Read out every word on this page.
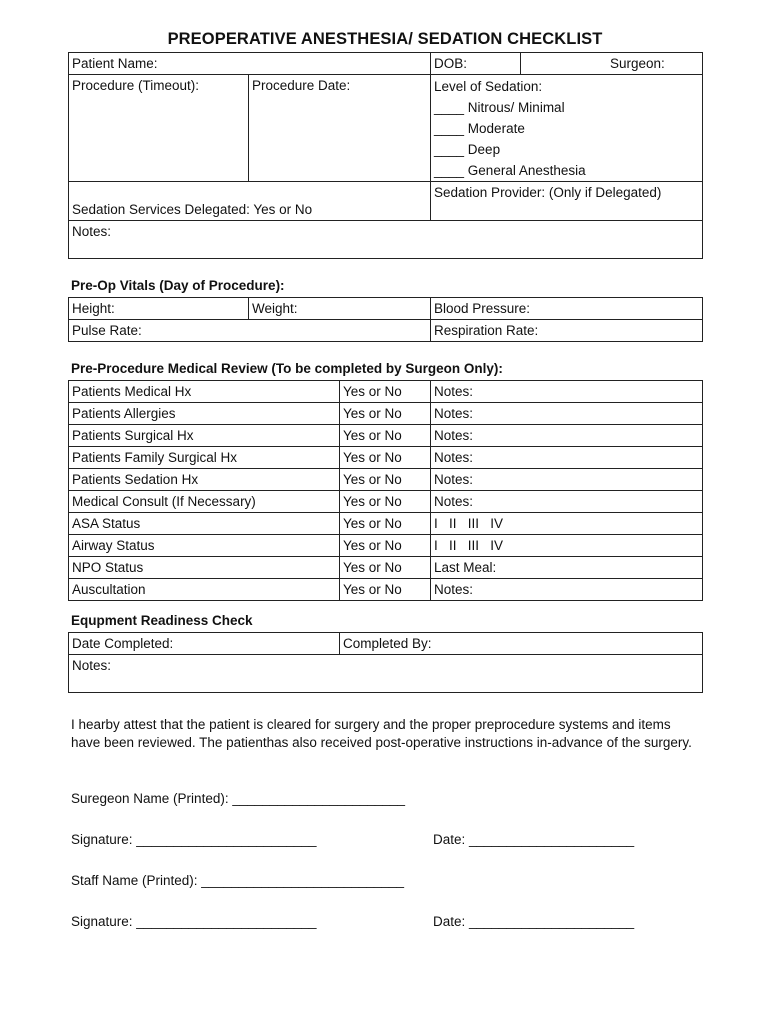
PREOPERATIVE ANESTHESIA/ SEDATION CHECKLIST
Patient Name:		DOB:	Surgeon:
Procedure (Timeout):	Procedure Date:	Level of Sedation:
____ Nitrous/ Minimal
____ Moderate
____ Deep
____ General Anesthesia	

Sedation Services Delegated: Yes or No		Sedation Provider: (Only if Delegated)	
Notes:			
Pre-Op Vitals (Day of Procedure):
Height:	Weight:	Blood Pressure:
Pulse Rate:		Respiration Rate:
Pre-Procedure Medical Review (To be completed by Surgeon Only):
Patients Medical Hx	Yes or No	Notes:
Patients Allergies	Yes or No	Notes:
Patients Surgical Hx	Yes or No	Notes:
Patients Family Surgical Hx	Yes or No	Notes:
Patients Sedation Hx	Yes or No	Notes:
Medical Consult (If Necessary)	Yes or No	Notes:
ASA Status	Yes or No	I   II   III   IV
Airway Status	Yes or No	I   II   III   IV
NPO Status	Yes or No	Last Meal:
Auscultation	Yes or No	Notes:
Equpment Readiness Check
Date Completed:	Completed By:
Notes:
I hearby attest that the patient is cleared for surgery and the proper preprocedure systems and items have been reviewed. The patienthas also received post-operative instructions in-advance of the surgery.
Suregeon Name (Printed): _______________________
Signature: ________________________	Date: ______________________
Staff Name (Printed): ___________________________
Signature: ________________________	Date: ______________________
